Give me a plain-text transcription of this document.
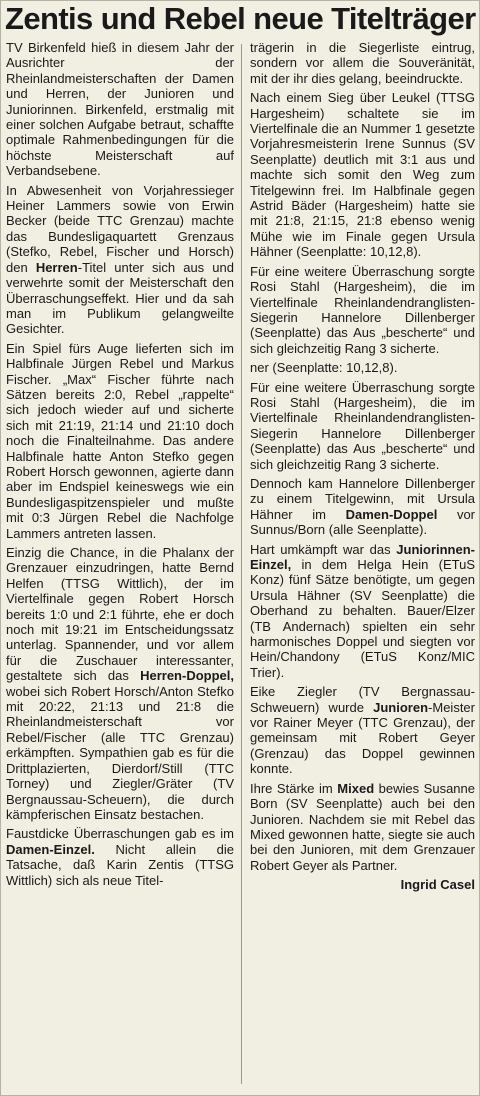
Zentis und Rebel neue Titelträger

TV Birkenfeld hieß in diesem Jahr der Ausrichter der Rheinlandmeisterschaften der Damen und Herren, der Junioren und Juniorinnen. Birkenfeld, erstmalig mit einer solchen Aufgabe betraut, schaffte optimale Rahmenbedingungen für die höchste Meisterschaft auf Verbandsebene.

In Abwesenheit von Vorjahressieger Heiner Lammers sowie von Erwin Becker (beide TTC Grenzau) machte das Bundesligaquartett Grenzaus (Stefko, Rebel, Fischer und Horsch) den Herren-Titel unter sich aus und verwehrte somit der Meisterschaft den Überraschungseffekt. Hier und da sah man im Publikum gelangweilte Gesichter.

Ein Spiel fürs Auge lieferten sich im Halbfinale Jürgen Rebel und Markus Fischer. „Max“ Fischer führte nach Sätzen bereits 2:0, Rebel „rappelte“ sich jedoch wieder auf und sicherte sich mit 21:19, 21:14 und 21:10 doch noch die Finalteilnahme. Das andere Halbfinale hatte Anton Stefko gegen Robert Horsch gewonnen, agierte dann aber im Endspiel keineswegs wie ein Bundesligaspitzenspieler und mußte mit 0:3 Jürgen Rebel die Nachfolge Lammers antreten lassen.

Einzig die Chance, in die Phalanx der Grenzauer einzudringen, hatte Bernd Helfen (TTSG Wittlich), der im Viertelfinale gegen Robert Horsch bereits 1:0 und 2:1 führte, ehe er doch noch mit 19:21 im Entscheidungssatz unterlag. Spannender, und vor allem für die Zuschauer interessanter, gestaltete sich das Herren-Doppel, wobei sich Robert Horsch/Anton Stefko mit 20:22, 21:13 und 21:8 die Rheinlandmeisterschaft vor Rebel/Fischer (alle TTC Grenzau) erkämpften. Sympathien gab es für die Drittplazierten, Dierdorf/Still (TTC Torney) und Ziegler/Gräter (TV Bergnaussau-Scheuern), die durch kämpferischen Einsatz bestachen.

Faustdicke Überraschungen gab es im Damen-Einzel. Nicht allein die Tatsache, daß Karin Zentis (TTSG Wittlich) sich als neue Titel-

trägerin in die Siegerliste eintrug, sondern vor allem die Souveränität, mit der ihr dies gelang, beeindruckte.

Nach einem Sieg über Leukel (TTSG Hargesheim) schaltete sie im Viertelfinale die an Nummer 1 gesetzte Vorjahresmeisterin Irene Sunnus (SV Seenplatte) deutlich mit 3:1 aus und machte sich somit den Weg zum Titelgewinn frei. Im Halbfinale gegen Astrid Bäder (Hargesheim) hatte sie mit 21:8, 21:15, 21:8 ebenso wenig Mühe wie im Finale gegen Ursula Hähner (Seenplatte: 10,12,8).

Für eine weitere Überraschung sorgte Rosi Stahl (Hargesheim), die im Viertelfinale Rheinlandendranglisten-Siegerin Hannelore Dillenberger (Seenplatte) das Aus „bescherte“ und sich gleichzeitig Rang 3 sicherte.

ner (Seenplatte: 10,12,8).

Für eine weitere Überraschung sorgte Rosi Stahl (Hargesheim), die im Viertelfinale Rheinlandendranglisten-Siegerin Hannelore Dillenberger (Seenplatte) das Aus „bescherte“ und sich gleichzeitig Rang 3 sicherte.

Dennoch kam Hannelore Dillenberger zu einem Titelgewinn, mit Ursula Hähner im Damen-Doppel vor Sunnus/Born (alle Seenplatte).

Hart umkämpft war das Juniorinnen-Einzel, in dem Helga Hein (ETuS Konz) fünf Sätze benötigte, um gegen Ursula Hähner (SV Seenplatte) die Oberhand zu behalten. Bauer/Elzer (TB Andernach) spielten ein sehr harmonisches Doppel und siegten vor Hein/Chandony (ETuS Konz/MIC Trier).

Eike Ziegler (TV Bergnassau-Schweuern) wurde Junioren-Meister vor Rainer Meyer (TTC Grenzau), der gemeinsam mit Robert Geyer (Grenzau) das Doppel gewinnen konnte.

Ihre Stärke im Mixed bewies Susanne Born (SV Seenplatte) auch bei den Junioren. Nachdem sie mit Rebel das Mixed gewonnen hatte, siegte sie auch bei den Junioren, mit dem Grenzauer Robert Geyer als Partner.

Ingrid Casel
